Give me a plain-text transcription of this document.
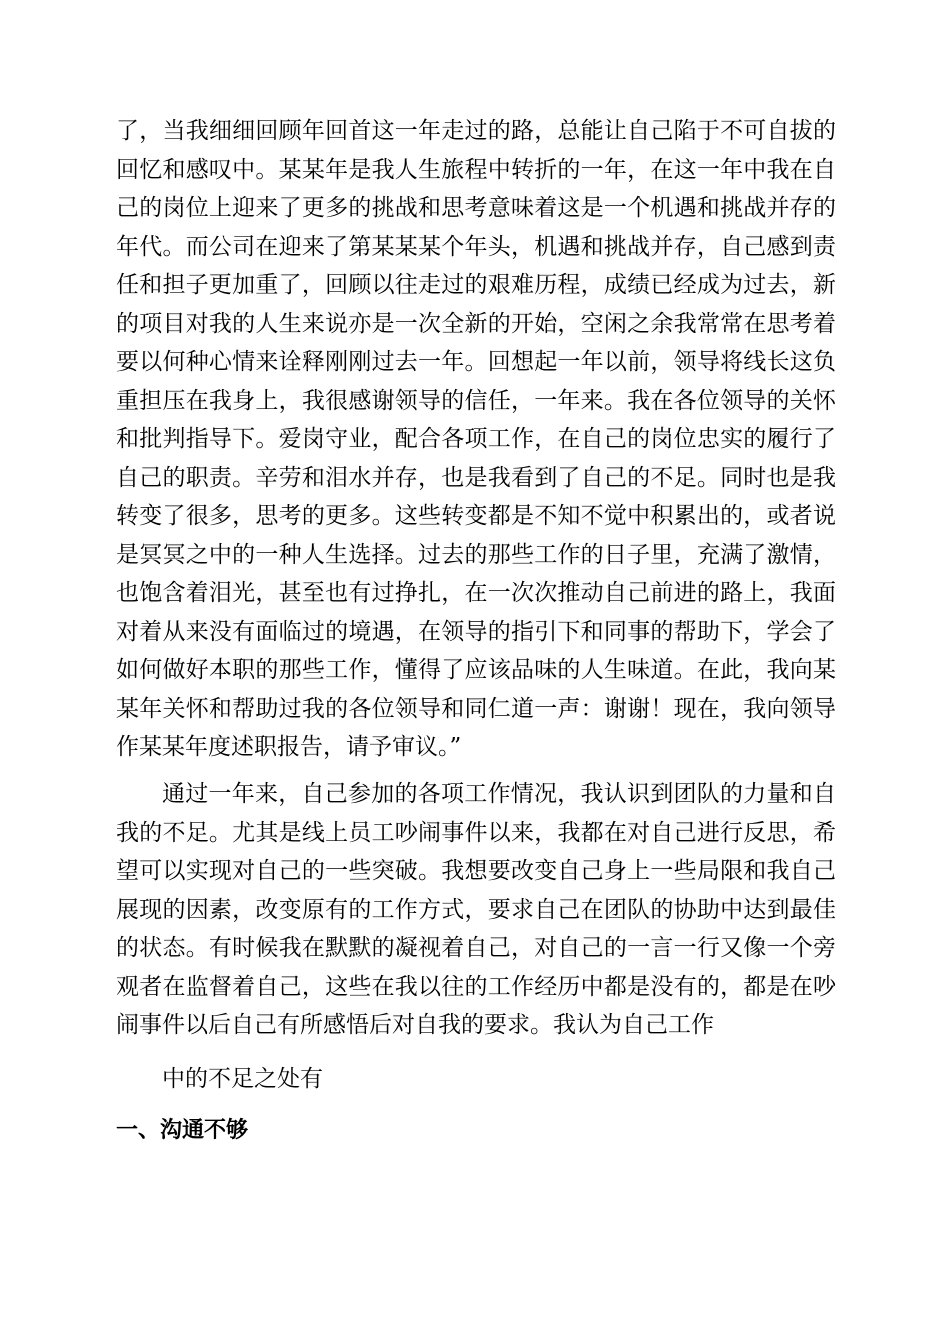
了，当我细细回顾年回首这一年走过的路，总能让自己陷于不可自拔的回忆和感叹中。某某年是我人生旅程中转折的一年，在这一年中我在自己的岗位上迎来了更多的挑战和思考意味着这是一个机遇和挑战并存的年代。而公司在迎来了第某某某个年头，机遇和挑战并存，自己感到责任和担子更加重了，回顾以往走过的艰难历程，成绩已经成为过去，新的项目对我的人生来说亦是一次全新的开始，空闲之余我常常在思考着要以何种心情来诠释刚刚过去一年。回想起一年以前，领导将线长这负重担压在我身上，我很感谢领导的信任，一年来。我在各位领导的关怀和批判指导下。爱岗守业，配合各项工作，在自己的岗位忠实的履行了自己的职责。辛劳和泪水并存，也是我看到了自己的不足。同时也是我转变了很多，思考的更多。这些转变都是不知不觉中积累出的，或者说是冥冥之中的一种人生选择。过去的那些工作的日子里，充满了激情，也饱含着泪光，甚至也有过挣扎，在一次次推动自己前进的路上，我面对着从来没有面临过的境遇，在领导的指引下和同事的帮助下，学会了如何做好本职的那些工作，懂得了应该品味的人生味道。在此，我向某某年关怀和帮助过我的各位领导和同仁道一声：谢谢！现在，我向领导作某某年度述职报告，请予审议。”

通过一年来，自己参加的各项工作情况，我认识到团队的力量和自我的不足。尤其是线上员工吵闹事件以来，我都在对自己进行反思，希望可以实现对自己的一些突破。我想要改变自己身上一些局限和我自己展现的因素，改变原有的工作方式，要求自己在团队的协助中达到最佳的状态。有时候我在默默的凝视着自己，对自己的一言一行又像一个旁观者在监督着自己，这些在我以往的工作经历中都是没有的，都是在吵闹事件以后自己有所感悟后对自我的要求。我认为自己工作

中的不足之处有

一、沟通不够
